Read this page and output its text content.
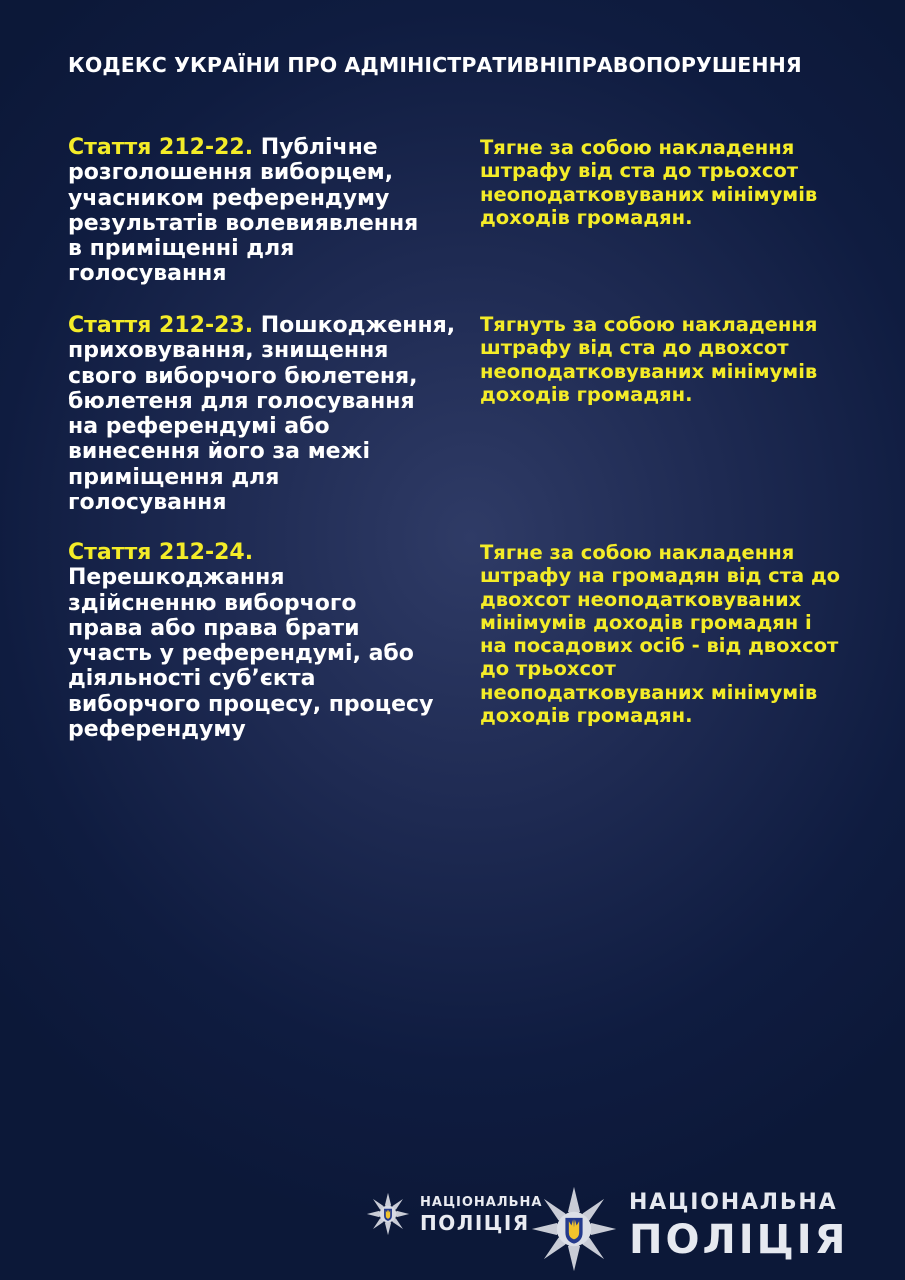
КОДЕКС УКРАЇНИ ПРО АДМІНІСТРАТИВНІПРАВОПОРУШЕННЯ
Стаття 212-22. Публічне
розголошення виборцем,
учасником референдуму
результатів волевиявлення
в приміщенні для
голосування
Тягне за собою накладення
штрафу від ста до трьохсот
неоподатковуваних мінімумів
доходів громадян.
Стаття 212-23. Пошкодження,
приховування, знищення
свого виборчого бюлетеня,
бюлетеня для голосування
на референдумі або
винесення його за межі
приміщення для
голосування
Тягнуть за собою накладення
штрафу від ста до двохсот
неоподатковуваних мінімумів
доходів громадян.
Стаття 212-24.
Перешкоджання
здійсненню виборчого
права або права брати
участь у референдумі, або
діяльності суб’єкта
виборчого процесу, процесу
референдуму
Тягне за собою накладення
штрафу на громадян від ста до
двохсот неоподатковуваних
мінімумів доходів громадян і
на посадових осіб - від двохсот
до трьохсот
неоподатковуваних мінімумів
доходів громадян.
НАЦІОНАЛЬНА
ПОЛІЦІЯ
НАЦІОНАЛЬНА
ПОЛІЦІЯ
